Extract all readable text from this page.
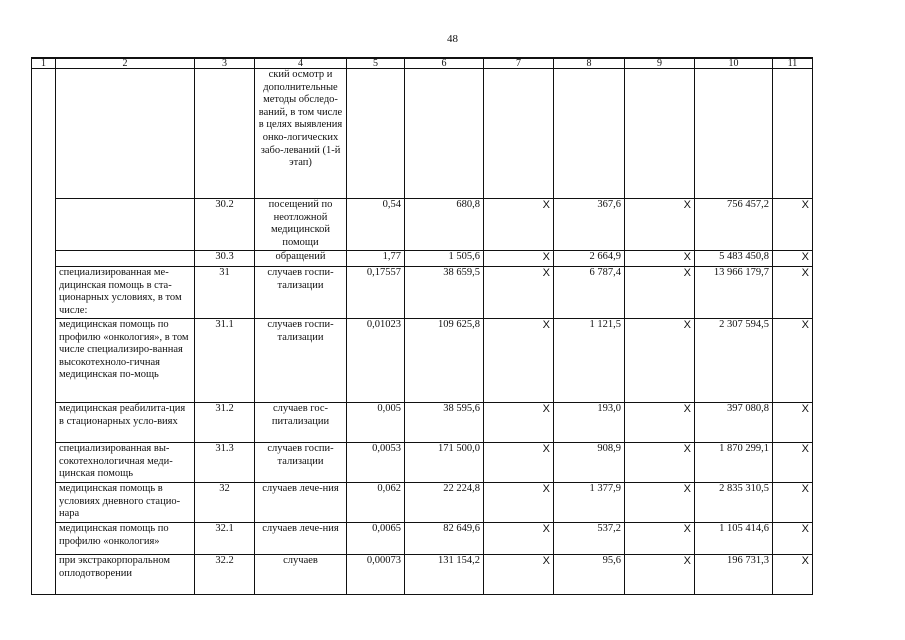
48
1	2	3	4	5	6	7	8	9	10	11
			ский осмотр и дополнительные методы обследо-ваний, в том числе в целях выявления онко-логических забо-леваний (1-й этап)							
		30.2	посещений по неотложной медицинской помощи	0,54	680,8	X	367,6	X	756 457,2	X
		30.3	обращений	1,77	1 505,6	X	2 664,9	X	5 483 450,8	X
	специализированная ме-дицинская помощь в ста-ционарных условиях, в том числе:	31	случаев госпи-тализации	0,17557	38 659,5	X	6 787,4	X	13 966 179,7	X
	медицинская помощь по профилю «онкология», в том числе специализиро-ванная высокотехноло-гичная медицинская по-мощь	31.1	случаев госпи-тализации	0,01023	109 625,8	X	1 121,5	X	2 307 594,5	X
	медицинская реабилита-ция в стационарных усло-виях	31.2	случаев гос-питализации	0,005	38 595,6	X	193,0	X	397 080,8	X
	специализированная вы-сокотехнологичная меди-цинская помощь	31.3	случаев госпи-тализации	0,0053	171 500,0	X	908,9	X	1 870 299,1	X
	медицинская помощь в условиях дневного стацио-нара	32	случаев лече-ния	0,062	22 224,8	X	1 377,9	X	2 835 310,5	X
	медицинская помощь по профилю «онкология»	32.1	случаев лече-ния	0,0065	82 649,6	X	537,2	X	1 105 414,6	X
	при экстракорпоральном оплодотворении	32.2	случаев	0,00073	131 154,2	X	95,6	X	196 731,3	X
